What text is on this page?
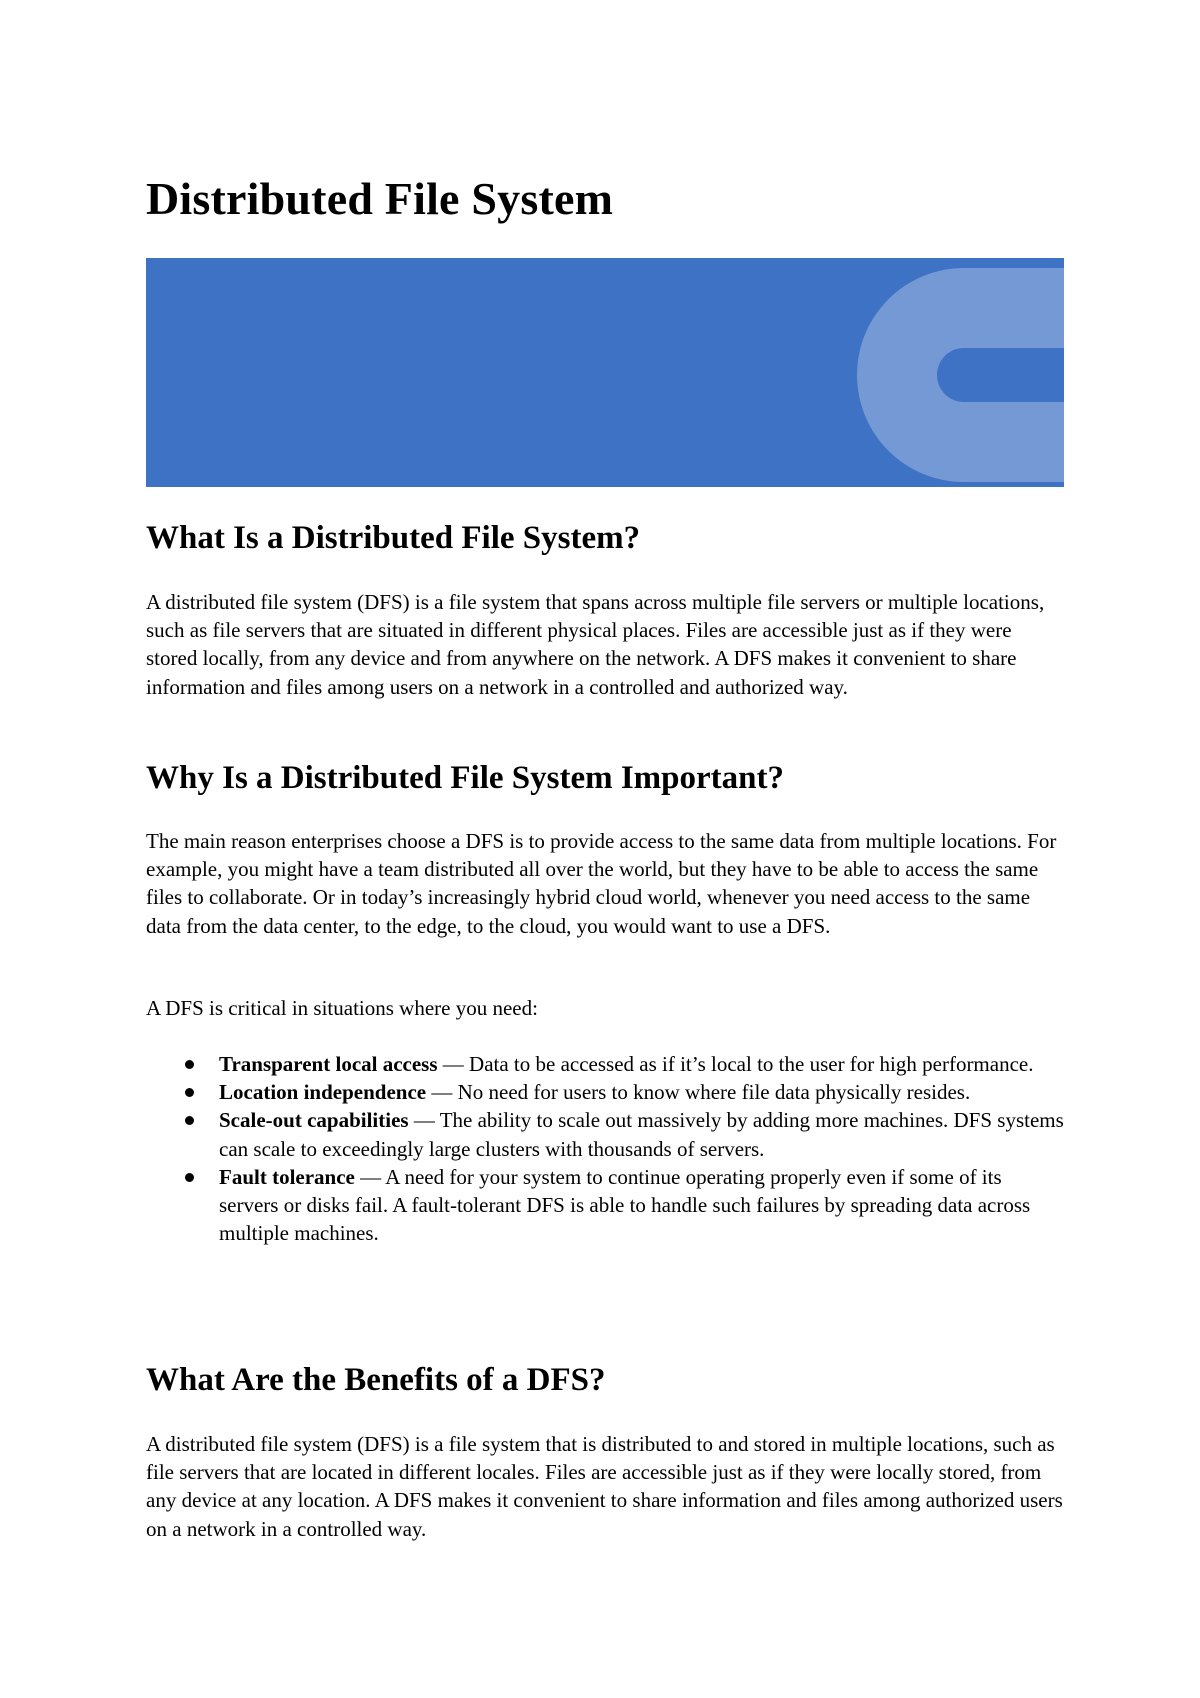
Distributed File System
What Is a Distributed File System?

A distributed file system (DFS) is a file system that spans across multiple file servers or multiple locations, such as file servers that are situated in different physical places. Files are accessible just as if they were stored locally, from any device and from anywhere on the network. A DFS makes it convenient to share information and files among users on a network in a controlled and authorized way.

Why Is a Distributed File System Important?

The main reason enterprises choose a DFS is to provide access to the same data from multiple locations. For example, you might have a team distributed all over the world, but they have to be able to access the same files to collaborate. Or in today’s increasingly hybrid cloud world, whenever you need access to the same data from the data center, to the edge, to the cloud, you would want to use a DFS.

A DFS is critical in situations where you need:

Transparent local access — Data to be accessed as if it’s local to the user for high performance.
Location independence — No need for users to know where file data physically resides.
Scale-out capabilities — The ability to scale out massively by adding more machines. DFS systems can scale to exceedingly large clusters with thousands of servers.
Fault tolerance — A need for your system to continue operating properly even if some of its servers or disks fail. A fault-tolerant DFS is able to handle such failures by spreading data across multiple machines.
What Are the Benefits of a DFS?

A distributed file system (DFS) is a file system that is distributed to and stored in multiple locations, such as file servers that are located in different locales. Files are accessible just as if they were locally stored, from any device at any location. A DFS makes it convenient to share information and files among authorized users on a network in a controlled way.
